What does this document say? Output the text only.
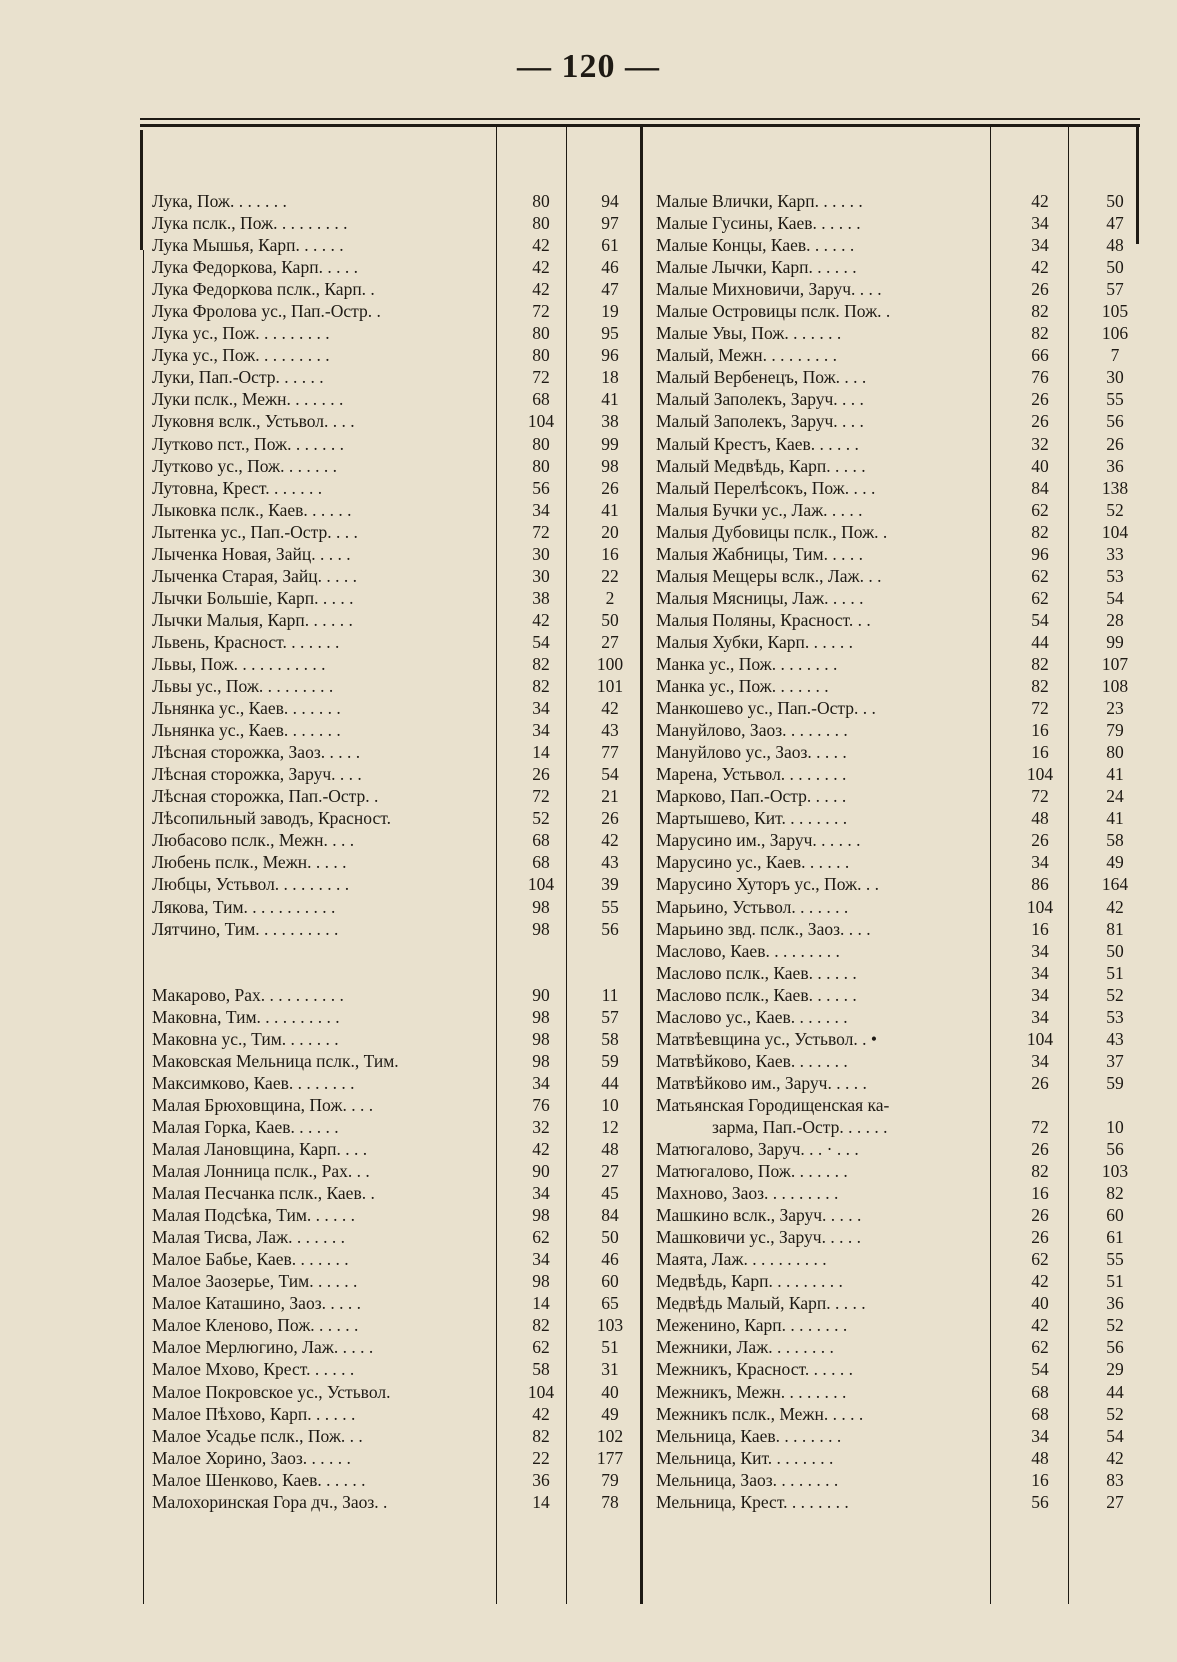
— 120 —
Лука, Пож. . . . . . .	80	94
Лука пслк., Пож. . . . . . . . .	80	97
Лука Мышья, Карп. . . . . .	42	61
Лука Федоркова, Карп. . . . .	42	46
Лука Федоркова пслк., Карп. .	42	47
Лука Фролова ус., Пап.-Остр. .	72	19
Лука ус., Пож. . . . . . . . .	80	95
Лука ус., Пож. . . . . . . . .	80	96
Луки, Пап.-Остр. . . . . .	72	18
Луки пслк., Межн. . . . . . .	68	41
Луковня вслк., Устьвол. . . .	104	38
Лутково пст., Пож. . . . . . .	80	99
Лутково ус., Пож. . . . . . .	80	98
Лутовна, Крест. . . . . . .	56	26
Лыковка пслк., Каев. . . . . .	34	41
Лытенка ус., Пап.-Остр. . . .	72	20
Лыченка Новая, Зайц. . . . .	30	16
Лыченка Старая, Зайц. . . . .	30	22
Лычки Большіе, Карп. . . . .	38	2
Лычки Малыя, Карп. . . . . .	42	50
Львень, Красност. . . . . . .	54	27
Львы, Пож. . . . . . . . . . .	82	100
Львы ус., Пож. . . . . . . . .	82	101
Льнянка ус., Каев. . . . . . .	34	42
Льнянка ус., Каев. . . . . . .	34	43
Лѣсная сторожка, Заоз. . . . .	14	77
Лѣсная сторожка, Заруч. . . .	26	54
Лѣсная сторожка, Пап.-Остр. .	72	21
Лѣсопильный заводъ, Красност.	52	26
Любасово пслк., Межн. . . .	68	42
Любень пслк., Межн. . . . .	68	43
Любцы, Устьвол. . . . . . . . .	104	39
Лякова, Тим. . . . . . . . . . .	98	55
Лятчино, Тим. . . . . . . . . .	98	56
Макарово, Рах. . . . . . . . . .	90	11
Маковна, Тим. . . . . . . . . .	98	57
Маковна ус., Тим. . . . . . .	98	58
Маковская Мельница пслк., Тим.	98	59
Максимково, Каев. . . . . . . .	34	44
Малая Брюховщина, Пож. . . .	76	10
Малая Горка, Каев. . . . . .	32	12
Малая Лановщина, Карп. . . .	42	48
Малая Лонница пслк., Рах. . .	90	27
Малая Песчанка пслк., Каев. .	34	45
Малая Подсѣка, Тим. . . . . .	98	84
Малая Тисва, Лаж. . . . . . .	62	50
Малое Бабье, Каев. . . . . . .	34	46
Малое Заозерье, Тим. . . . . .	98	60
Малое Каташино, Заоз. . . . .	14	65
Малое Кленово, Пож. . . . . .	82	103
Малое Мерлюгино, Лаж. . . . .	62	51
Малое Мхово, Крест. . . . . .	58	31
Малое Покровское ус., Устьвол.	104	40
Малое Пѣхово, Карп. . . . . .	42	49
Малое Усадье пслк., Пож. . .	82	102
Малое Хорино, Заоз. . . . . .	22	177
Малое Шенково, Каев. . . . . .	36	79
Малохоринская Гора дч., Заоз. .	14	78
Малые Влички, Карп. . . . . .	42	50
Малые Гусины, Каев. . . . . .	34	47
Малые Концы, Каев. . . . . .	34	48
Малые Лычки, Карп. . . . . .	42	50
Малые Михновичи, Заруч. . . .	26	57
Малые Островицы пслк. Пож. .	82	105
Малые Увы, Пож. . . . . . .	82	106
Малый, Межн. . . . . . . . .	66	7
Малый Вербенецъ, Пож. . . .	76	30
Малый Заполекъ, Заруч. . . .	26	55
Малый Заполекъ, Заруч. . . .	26	56
Малый Крестъ, Каев. . . . . .	32	26
Малый Медвѣдь, Карп. . . . .	40	36
Малый Перелѣсокъ, Пож. . . .	84	138
Малыя Бучки ус., Лаж. . . . .	62	52
Малыя Дубовицы пслк., Пож. .	82	104
Малыя Жабницы, Тим. . . . .	96	33
Малыя Мещеры вслк., Лаж. . .	62	53
Малыя Мясницы, Лаж. . . . .	62	54
Малыя Поляны, Красност. . .	54	28
Малыя Хубки, Карп. . . . . .	44	99
Манка ус., Пож. . . . . . . .	82	107
Манка ус., Пож. . . . . . .	82	108
Манкошево ус., Пап.-Остр. . .	72	23
Мануйлово, Заоз. . . . . . . .	16	79
Мануйлово ус., Заоз. . . . .	16	80
Марена, Устьвол. . . . . . . .	104	41
Марково, Пап.-Остр. . . . .	72	24
Мартышево, Кит. . . . . . . .	48	41
Марусино им., Заруч. . . . . .	26	58
Марусино ус., Каев. . . . . .	34	49
Марусино Хуторъ ус., Пож. . .	86	164
Марьино, Устьвол. . . . . . .	104	42
Марьино звд. пслк., Заоз. . . .	16	81
Маслово, Каев. . . . . . . . .	34	50
Маслово пслк., Каев. . . . . .	34	51
Маслово пслк., Каев. . . . . .	34	52
Маслово ус., Каев. . . . . . .	34	53
Матвѣевщина ус., Устьвол. . •	104	43
Матвѣйково, Каев. . . . . . .	34	37
Матвѣйково им., Заруч. . . . .	26	59
Матьянская Городищенская ка-
зарма, Пап.-Остр. . . . . .	72	10
Матюгалово, Заруч. . . · . . .	26	56
Матюгалово, Пож. . . . . . .	82	103
Махново, Заоз. . . . . . . . .	16	82
Машкино вслк., Заруч. . . . .	26	60
Машковичи ус., Заруч. . . . .	26	61
Маята, Лаж. . . . . . . . . .	62	55
Медвѣдь, Карп. . . . . . . . .	42	51
Медвѣдь Малый, Карп. . . . .	40	36
Меженино, Карп. . . . . . . .	42	52
Межники, Лаж. . . . . . . .	62	56
Межникъ, Красност. . . . . .	54	29
Межникъ, Межн. . . . . . . .	68	44
Межникъ пслк., Межн. . . . .	68	52
Мельница, Каев. . . . . . . .	34	54
Мельница, Кит. . . . . . . .	48	42
Мельница, Заоз. . . . . . . .	16	83
Мельница, Крест. . . . . . . .	56	27
